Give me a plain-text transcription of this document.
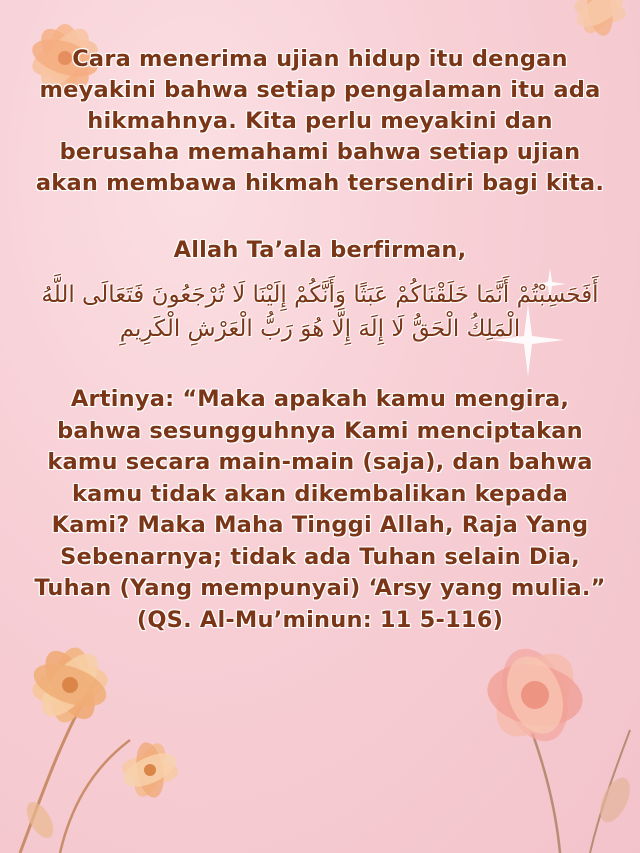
Cara menerima ujian hidup itu dengan meyakini bahwa setiap pengalaman itu ada hikmahnya. Kita perlu meyakini dan berusaha memahami bahwa setiap ujian akan membawa hikmah tersendiri bagi kita.

Allah Ta’ala berfirman,

أَفَحَسِبْتُمْ أَنَّمَا خَلَقْنَاكُمْ عَبَثًا وَأَنَّكُمْ إِلَيْنَا لَا تُرْجَعُونَ فَتَعَالَى اللَّهُ الْمَلِكُ الْحَقُّ لَا إِلَهَ إِلَّا هُوَ رَبُّ الْعَرْشِ الْكَرِيمِ

Artinya: “Maka apakah kamu mengira, bahwa sesungguhnya Kami menciptakan kamu secara main-main (saja), dan bahwa kamu tidak akan dikembalikan kepada Kami? Maka Maha Tinggi Allah, Raja Yang Sebenarnya; tidak ada Tuhan selain Dia, Tuhan (Yang mempunyai) ‘Arsy yang mulia.” (QS. Al-Mu’minun: 11 5-116)
